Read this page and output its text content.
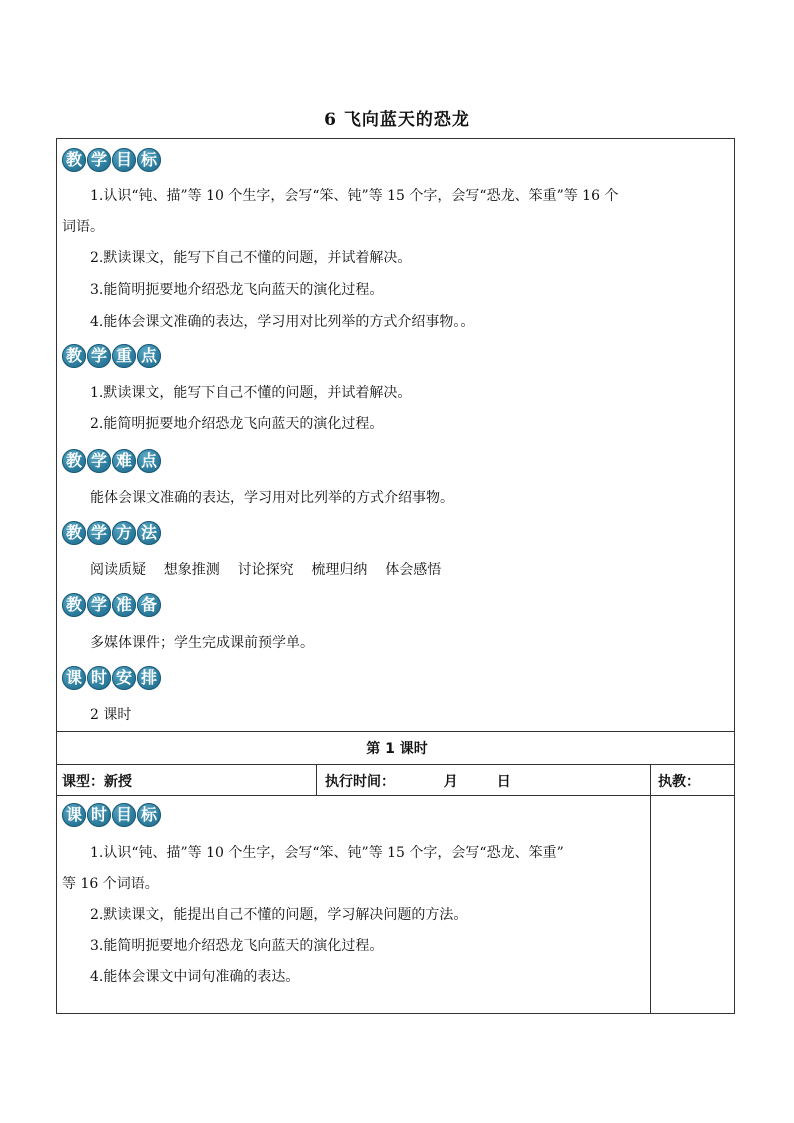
6 飞向蓝天的恐龙
教 学 目 标
1.认识“钝、描”等 10 个生字，会写“笨、钝”等 15 个字，会写“恐龙、笨重”等 16 个
词语。
2.默读课文，能写下自己不懂的问题，并试着解决。
3.能简明扼要地介绍恐龙飞向蓝天的演化过程。
4.能体会课文准确的表达，学习用对比列举的方式介绍事物。。
教 学 重 点
1.默读课文，能写下自己不懂的问题，并试着解决。
2.能简明扼要地介绍恐龙飞向蓝天的演化过程。
教 学 难 点
能体会课文准确的表达，学习用对比列举的方式介绍事物。
教 学 方 法
阅读质疑    想象推测    讨论探究    梳理归纳    体会感悟
教 学 准 备
多媒体课件；学生完成课前预学单。
课 时 安 排
2 课时
第 1 课时
课型：新授	执行时间：          月        日	执教：
课 时 目 标
1.认识“钝、描”等 10 个生字，会写“笨、钝”等 15 个字，会写“恐龙、笨重”
等 16 个词语。
2.默读课文，能提出自己不懂的问题，学习解决问题的方法。
3.能简明扼要地介绍恐龙飞向蓝天的演化过程。
4.能体会课文中词句准确的表达。
